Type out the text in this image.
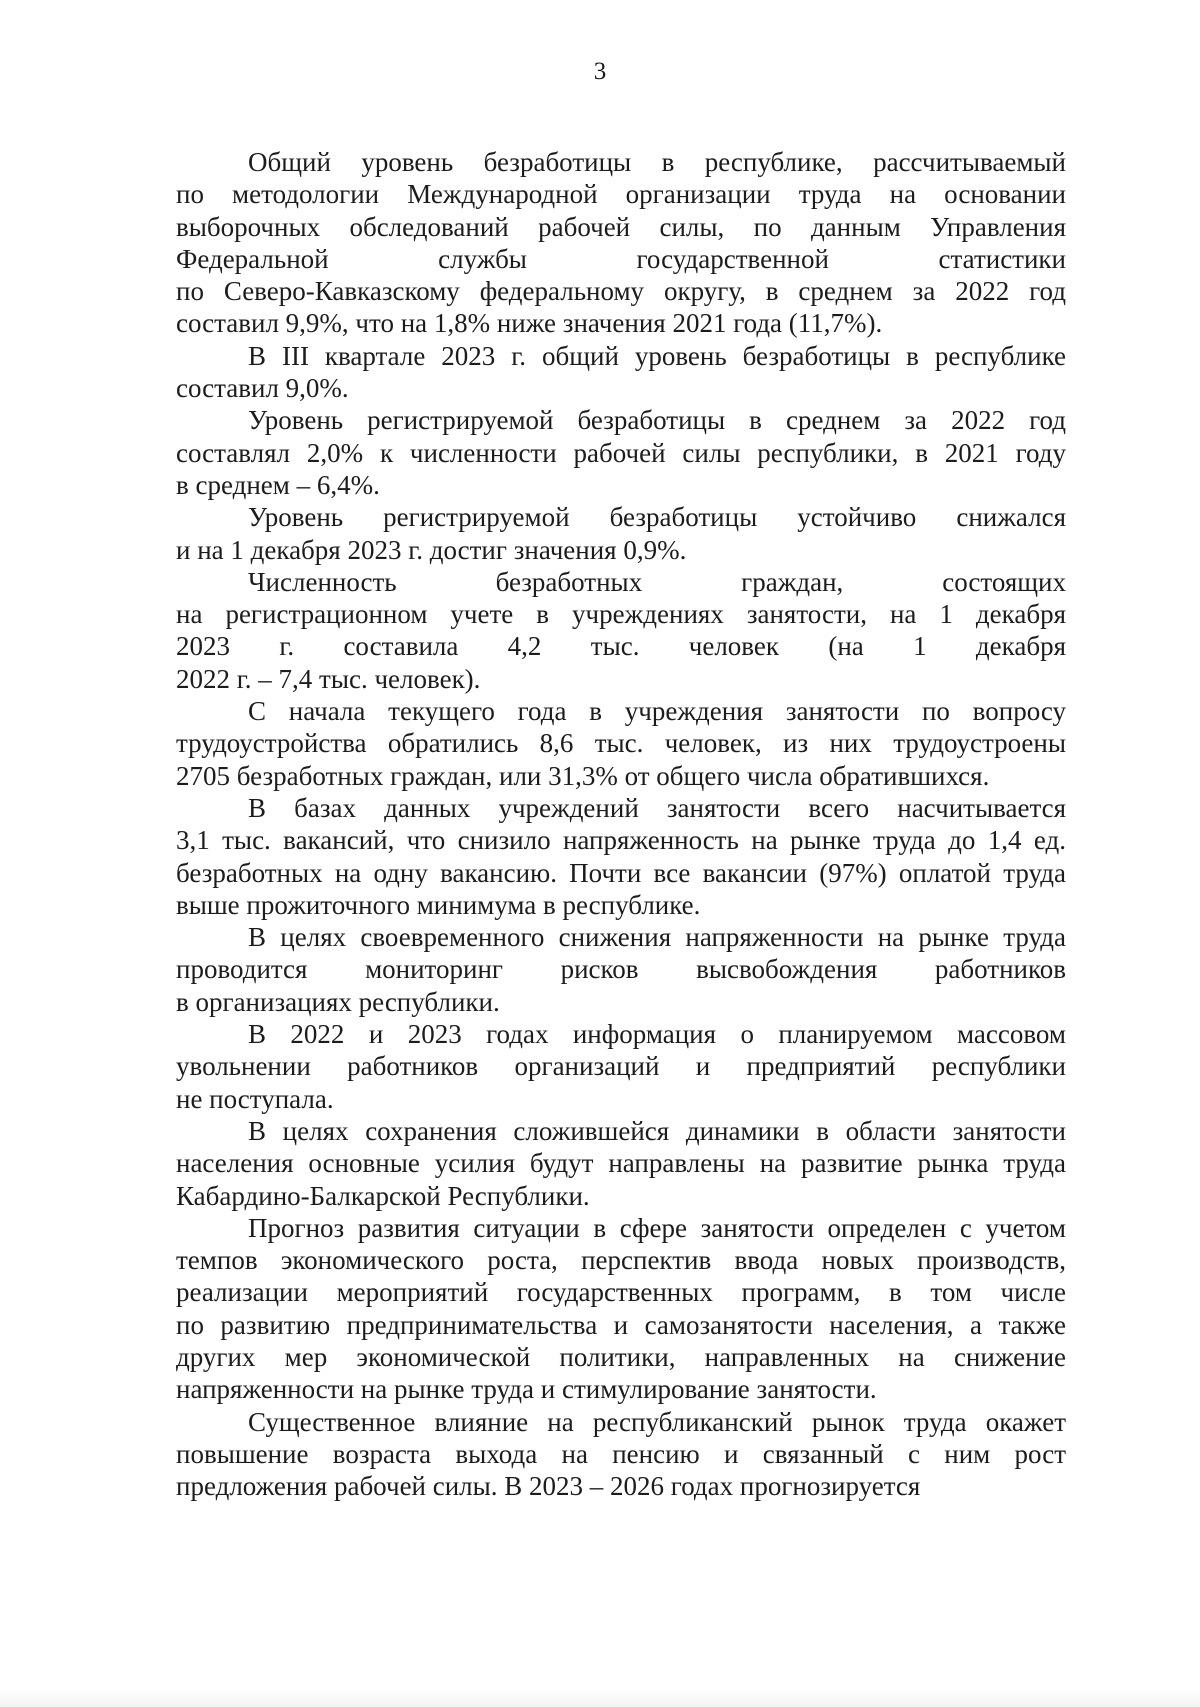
3
Общий уровень безработицы в республике, рассчитываемый
по методологии Международной организации труда на основании
выборочных обследований рабочей силы, по данным Управления
Федеральной службы государственной статистики
по Северо-Кавказскому федеральному округу, в среднем за 2022 год
составил 9,9%, что на 1,8% ниже значения 2021 года (11,7%).
В III квартале 2023 г. общий уровень безработицы в республике
составил 9,0%.
Уровень регистрируемой безработицы в среднем за 2022 год
составлял 2,0% к численности рабочей силы республики, в 2021 году
в среднем – 6,4%.
Уровень регистрируемой безработицы устойчиво снижался
и на 1 декабря 2023 г. достиг значения 0,9%.
Численность безработных граждан, состоящих
на регистрационном учете в учреждениях занятости, на 1 декабря
2023 г. составила 4,2 тыс. человек (на 1 декабря
2022 г. – 7,4 тыс. человек).
С начала текущего года в учреждения занятости по вопросу
трудоустройства обратились 8,6 тыс. человек, из них трудоустроены
2705 безработных граждан, или 31,3% от общего числа обратившихся.
В базах данных учреждений занятости всего насчитывается
3,1 тыс. вакансий, что снизило напряженность на рынке труда до 1,4 ед.
безработных на одну вакансию. Почти все вакансии (97%) оплатой труда
выше прожиточного минимума в республике.
В целях своевременного снижения напряженности на рынке труда
проводится мониторинг рисков высвобождения работников
в организациях республики.
В 2022 и 2023 годах информация о планируемом массовом
увольнении работников организаций и предприятий республики
не поступала.
В целях сохранения сложившейся динамики в области занятости
населения основные усилия будут направлены на развитие рынка труда
Кабардино-Балкарской Республики.
Прогноз развития ситуации в сфере занятости определен с учетом
темпов экономического роста, перспектив ввода новых производств,
реализации мероприятий государственных программ, в том числе
по развитию предпринимательства и самозанятости населения, а также
других мер экономической политики, направленных на снижение
напряженности на рынке труда и стимулирование занятости.
Существенное влияние на республиканский рынок труда окажет
повышение возраста выхода на пенсию и связанный с ним рост
предложения рабочей силы. В 2023 – 2026 годах прогнозируется
